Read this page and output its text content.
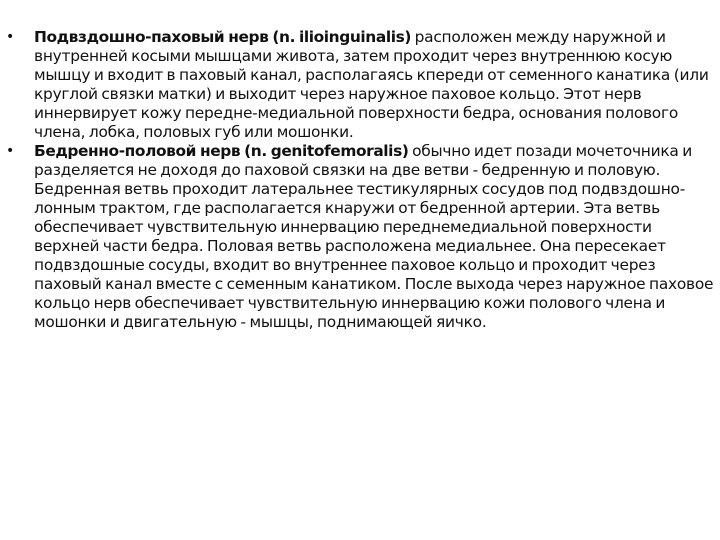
• Подвздошно-паховый нерв (n. ilioinguinalis) расположен между наружной и внутренней косыми мышцами живота, затем проходит через внутреннюю косую мышцу и входит в паховый канал, располагаясь кпереди от семенного канатика (или круглой связки матки) и выходит через наружное паховое кольцо. Этот нерв иннервирует кожу передне-медиальной поверхности бедра, основания полового члена, лобка, половых губ или мошонки.
• Бедренно-половой нерв (n. genitofemoralis) обычно идет позади мочеточника и разделяется не доходя до паховой связки на две ветви - бедренную и половую. Бедренная ветвь проходит латеральнее тестикулярных сосудов под подвздошно-лонным трактом, где располагается кнаружи от бедренной артерии. Эта ветвь обеспечивает чувствительную иннервацию переднемедиальной поверхности верхней части бедра. Половая ветвь расположена медиальнее. Она пересекает подвздошные сосуды, входит во внутреннее паховое кольцо и проходит через паховый канал вместе с семенным канатиком. После выхода через наружное паховое кольцо нерв обеспечивает чувствительную иннервацию кожи полового члена и мошонки и двигательную - мышцы, поднимающей яичко.
